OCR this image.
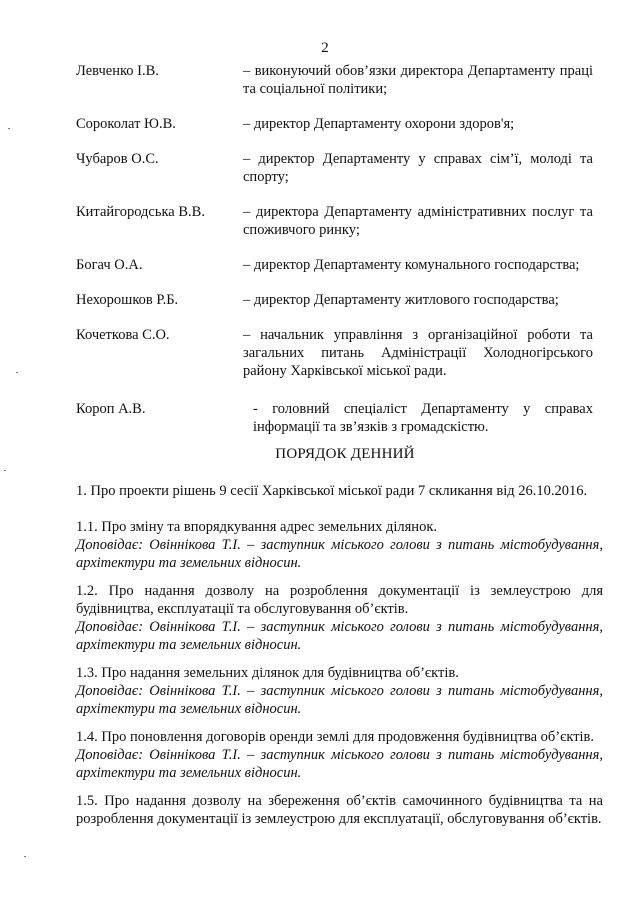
2
Левченко І.В.	– виконуючий обов’язки директора Департаменту праці та соціальної політики;
Сороколат Ю.В.	– директор Департаменту охорони здоров'я;
Чубаров О.С.	– директор Департаменту у справах сім’ї, молоді та спорту;
Китайгородська В.В.	– директора Департаменту адміністративних послуг та споживчого ринку;
Богач О.А.	– директор Департаменту комунального господарства;
Нехорошков Р.Б.	– директор Департаменту житлового господарства;
Кочеткова С.О.	– начальник управління з організаційної роботи та загальних питань Адміністрації Холодногірського району Харківської міської ради.
Короп А.В.	- головний спеціаліст Департаменту у справах інформації та зв’язків з громадскістю.
ПОРЯДОК ДЕННИЙ
1. Про проекти рішень 9 сесії Харківської міської ради 7 скликання від 26.10.2016.
1.1. Про зміну та впорядкування адрес земельних ділянок.
Доповідає: Овіннікова Т.І. – заступник міського голови з питань містобудування, архітектури та земельних відносин.
1.2. Про надання дозволу на розроблення документації із землеустрою для будівництва, експлуатації та обслуговування об’єктів.
Доповідає: Овіннікова Т.І. – заступник міського голови з питань містобудування, архітектури та земельних відносин.
1.3. Про надання земельних ділянок для будівництва об’єктів.
Доповідає: Овіннікова Т.І. – заступник міського голови з питань містобудування, архітектури та земельних відносин.
1.4. Про поновлення договорів оренди землі для продовження будівництва об’єктів.
Доповідає: Овіннікова Т.І. – заступник міського голови з питань містобудування, архітектури та земельних відносин.
1.5. Про надання дозволу на збереження об’єктів самочинного будівництва та на розроблення документації із землеустрою для експлуатації, обслуговування об’єктів.
